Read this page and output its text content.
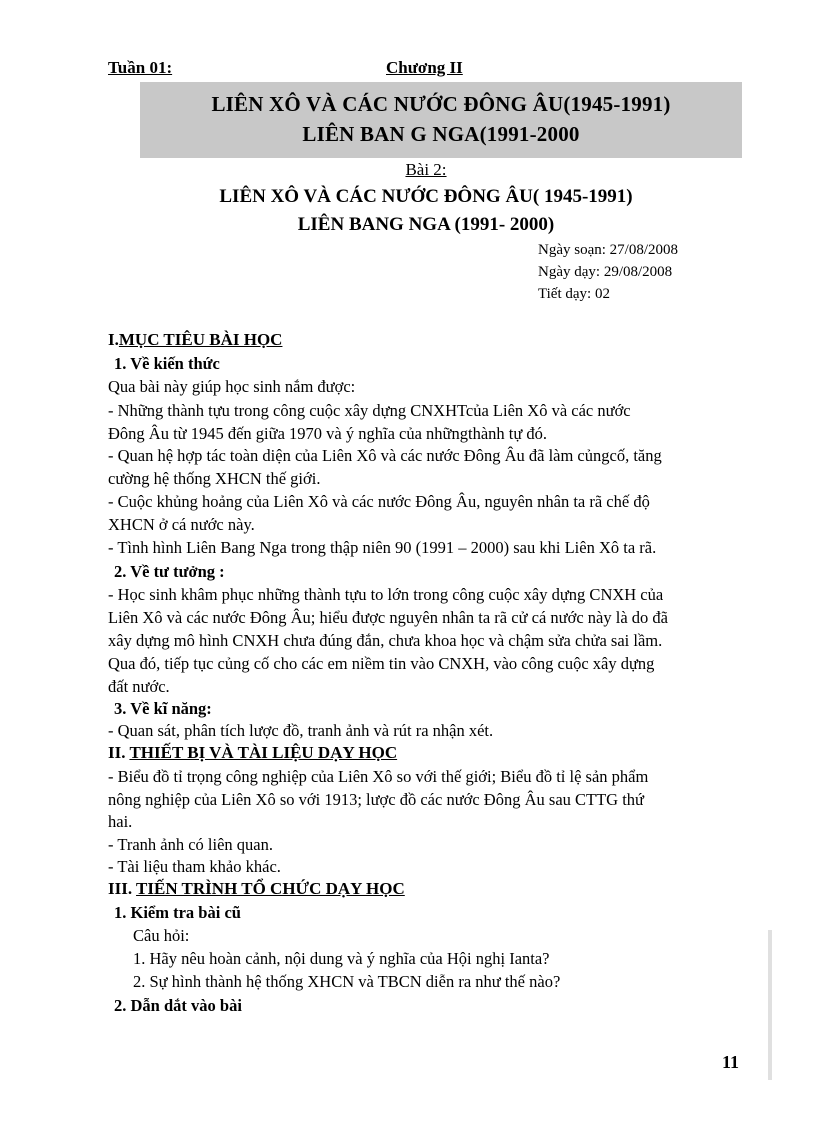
Tuần 01:	Chương II
LIÊN XÔ VÀ CÁC NƯỚC ĐÔNG ÂU(1945-1991)
LIÊN BAN G NGA(1991-2000
Bài 2:
LIÊN XÔ VÀ CÁC NƯỚC ĐÔNG ÂU( 1945-1991)
LIÊN BANG NGA (1991- 2000)
Ngày soạn: 27/08/2008
Ngày dạy: 29/08/2008
Tiết dạy: 02
I.MỤC TIÊU BÀI HỌC
1. Về kiến thức
Qua bài này giúp học sinh nắm được:
- Những thành tựu trong công cuộc xây dựng CNXHTcủa Liên Xô và các nước
Đông Âu từ 1945 đến giữa 1970 và ý nghĩa của nhữngthành tự đó.
- Quan hệ hợp tác toàn diện của Liên Xô và các nước Đông Âu đã làm củngcố, tăng
cường hệ thống XHCN thế giới.
- Cuộc khủng hoảng của Liên Xô và các nước Đông Âu, nguyên nhân ta rã chế độ
XHCN ở cá nước này.
- Tình hình Liên Bang Nga trong thập niên 90 (1991 – 2000) sau khi Liên Xô ta rã.
2. Về tư tưởng :
- Học sinh khâm phục những thành tựu to lớn trong công cuộc xây dựng CNXH của
Liên Xô và các nước Đông Âu; hiểu được nguyên nhân ta rã cử cá nước này là do đã
xây dựng mô hình CNXH chưa đúng đắn, chưa khoa học và chậm sửa chửa sai lầm.
Qua đó, tiếp tục củng cố cho các em niềm tin vào CNXH, vào công cuộc xây dựng
đất nước.
3. Về kĩ năng:
- Quan sát, phân tích lược đồ, tranh ảnh và rút ra nhận xét.
II. THIẾT BỊ VÀ TÀI LIỆU DẠY HỌC
- Biểu đồ tỉ trọng công nghiệp của Liên Xô so với thế giới; Biểu đồ tỉ lệ sản phẩm
nông nghiệp của Liên Xô so với 1913; lược đồ các nước Đông Âu sau CTTG thứ
hai.
- Tranh ảnh có liên quan.
- Tài liệu tham khảo khác.
III. TIẾN TRÌNH TỔ CHỨC DẠY HỌC
1. Kiểm tra bài cũ
Câu hỏi:
1. Hãy nêu hoàn cảnh, nội dung và ý nghĩa của Hội nghị Ianta?
2. Sự hình thành hệ thống XHCN và TBCN diễn ra như thế nào?
2. Dẫn dắt vào bài
11
